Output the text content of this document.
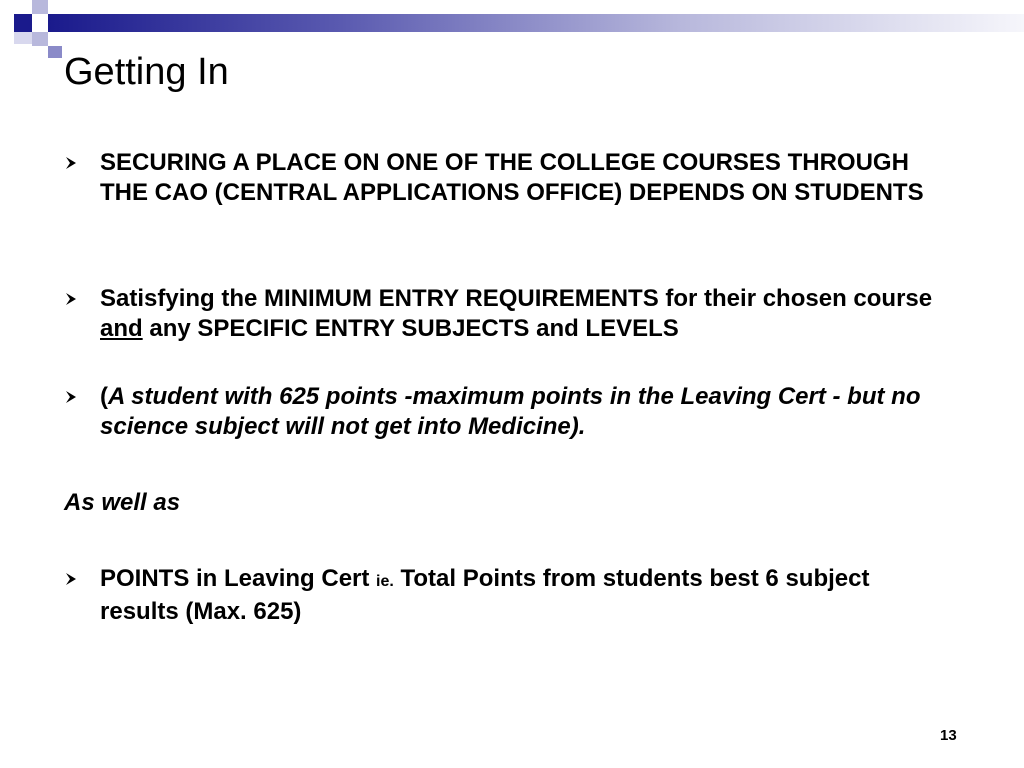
Getting In
SECURING A PLACE ON ONE OF THE COLLEGE COURSES THROUGH THE CAO (CENTRAL APPLICATIONS OFFICE) DEPENDS ON STUDENTS
Satisfying the MINIMUM ENTRY REQUIREMENTS for their chosen course and any SPECIFIC ENTRY SUBJECTS and LEVELS
(A student with 625 points -maximum points in the Leaving Cert - but no science subject will not get into Medicine).
As well as
POINTS in Leaving Cert ie. Total Points from students best 6 subject results (Max. 625)
13
